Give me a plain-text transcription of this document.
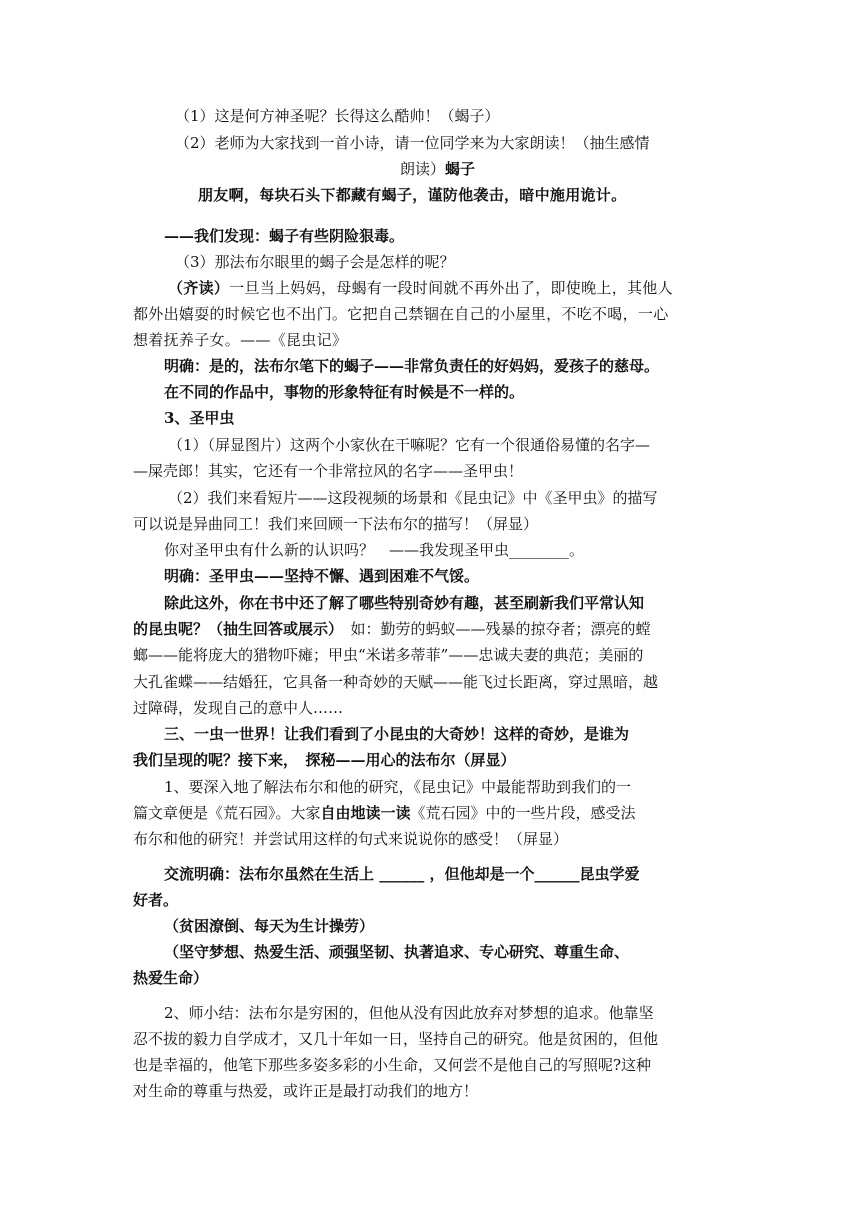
（1）这是何方神圣呢？长得这么酷帅！（蝎子）
（2）老师为大家找到一首小诗，请一位同学来为大家朗读！（抽生感情
朗读）蝎子
朋友啊，每块石头下都藏有蝎子，谨防他袭击，暗中施用诡计。
——我们发现：蝎子有些阴险狠毒。
（3）那法布尔眼里的蝎子会是怎样的呢？
（齐读）一旦当上妈妈，母蝎有一段时间就不再外出了，即使晚上，其他人
都外出嬉耍的时候它也不出门。它把自己禁锢在自己的小屋里，不吃不喝，一心
想着抚养子女。——《昆虫记》
明确：是的，法布尔笔下的蝎子——非常负责任的好妈妈，爱孩子的慈母。
在不同的作品中，事物的形象特征有时候是不一样的。
3、圣甲虫
（1）（屏显图片）这两个小家伙在干嘛呢？它有一个很通俗易懂的名字—
—屎壳郎！其实，它还有一个非常拉风的名字——圣甲虫！
（2）我们来看短片——这段视频的场景和《昆虫记》中《圣甲虫》的描写
可以说是异曲同工！我们来回顾一下法布尔的描写！（屏显）
你对圣甲虫有什么新的认识吗？　——我发现圣甲虫________。
明确：圣甲虫——坚持不懈、遇到困难不气馁。
除此这外，你在书中还了解了哪些特别奇妙有趣，甚至刷新我们平常认知
的昆虫呢？（抽生回答或展示）　如：勤劳的蚂蚁——残暴的掠夺者；漂亮的螳
螂——能将庞大的猎物吓瘫；甲虫“米诺多蒂菲”——忠诚夫妻的典范；美丽的
大孔雀蝶——结婚狂，它具备一种奇妙的天赋——能飞过长距离，穿过黑暗，越
过障碍，发现自己的意中人……
三、一虫一世界！让我们看到了小昆虫的大奇妙！这样的奇妙，是谁为
我们呈现的呢？接下来，　探秘——用心的法布尔（屏显）
1、要深入地了解法布尔和他的研究，《昆虫记》中最能帮助到我们的一
篇文章便是《荒石园》。大家自由地读一读《荒石园》中的一些片段，感受法
布尔和他的研究！并尝试用这样的句式来说说你的感受！（屏显）
交流明确：法布尔虽然在生活上 ______ ，但他却是一个______昆虫学爱
好者。
（贫困潦倒、每天为生计操劳）
（坚守梦想、热爱生活、顽强坚韧、执著追求、专心研究、尊重生命、
热爱生命）
2、师小结：法布尔是穷困的，但他从没有因此放弃对梦想的追求。他靠坚
忍不拔的毅力自学成才，又几十年如一日，坚持自己的研究。他是贫困的，但他
也是幸福的，他笔下那些多姿多彩的小生命，又何尝不是他自己的写照呢?这种
对生命的尊重与热爱，或许正是最打动我们的地方！
